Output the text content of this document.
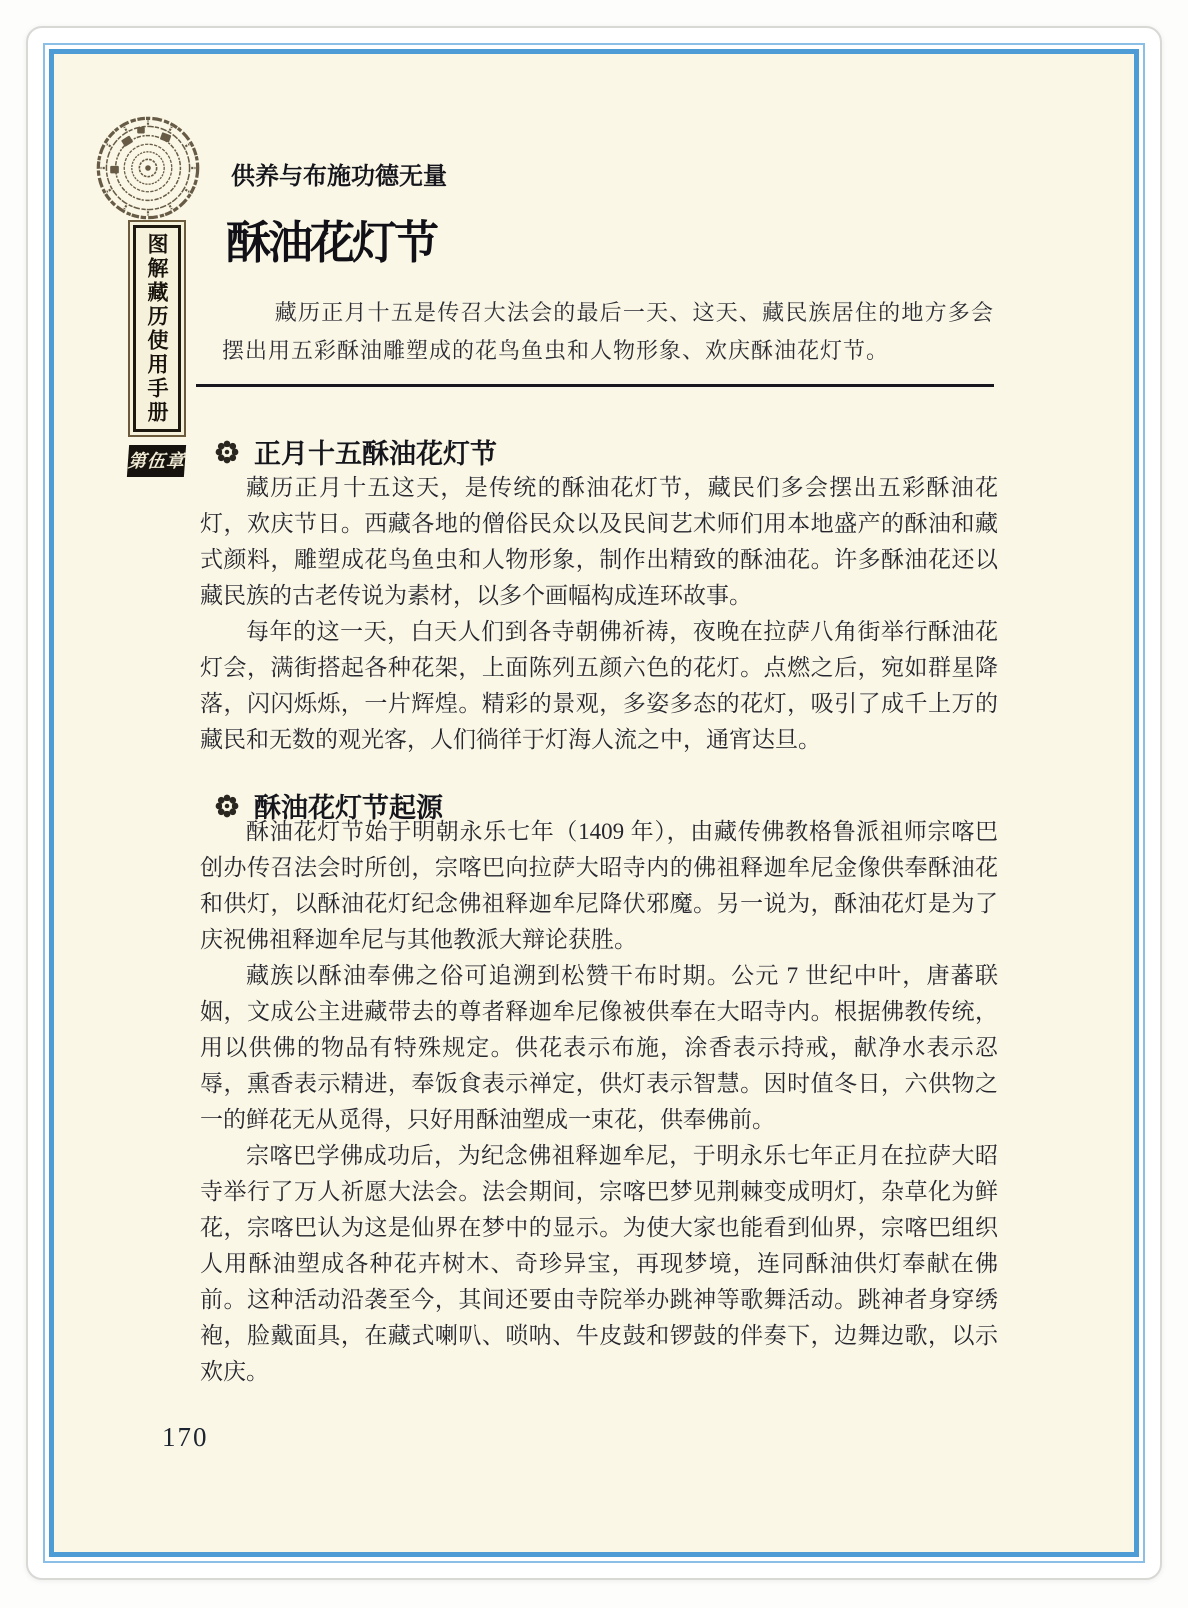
图解藏历使用手册
第伍章
供养与布施功德无量
酥油花灯节

藏历正月十五是传召大法会的最后一天、这天、藏民族居住的地方多会摆出用五彩酥油雕塑成的花鸟鱼虫和人物形象、欢庆酥油花灯节。

正月十五酥油花灯节

藏历正月十五这天，是传统的酥油花灯节，藏民们多会摆出五彩酥油花灯，欢庆节日。西藏各地的僧俗民众以及民间艺术师们用本地盛产的酥油和藏式颜料，雕塑成花鸟鱼虫和人物形象，制作出精致的酥油花。许多酥油花还以藏民族的古老传说为素材，以多个画幅构成连环故事。

每年的这一天，白天人们到各寺朝佛祈祷，夜晚在拉萨八角街举行酥油花灯会，满街搭起各种花架，上面陈列五颜六色的花灯。点燃之后，宛如群星降落，闪闪烁烁，一片辉煌。精彩的景观，多姿多态的花灯，吸引了成千上万的藏民和无数的观光客，人们徜徉于灯海人流之中，通宵达旦。

酥油花灯节起源

酥油花灯节始于明朝永乐七年（1409 年），由藏传佛教格鲁派祖师宗喀巴创办传召法会时所创，宗喀巴向拉萨大昭寺内的佛祖释迦牟尼金像供奉酥油花和供灯，以酥油花灯纪念佛祖释迦牟尼降伏邪魔。另一说为，酥油花灯是为了庆祝佛祖释迦牟尼与其他教派大辩论获胜。

藏族以酥油奉佛之俗可追溯到松赞干布时期。公元 7 世纪中叶，唐蕃联姻，文成公主进藏带去的尊者释迦牟尼像被供奉在大昭寺内。根据佛教传统，用以供佛的物品有特殊规定。供花表示布施，涂香表示持戒，献净水表示忍辱，熏香表示精进，奉饭食表示禅定，供灯表示智慧。因时值冬日，六供物之一的鲜花无从觅得，只好用酥油塑成一束花，供奉佛前。

宗喀巴学佛成功后，为纪念佛祖释迦牟尼，于明永乐七年正月在拉萨大昭寺举行了万人祈愿大法会。法会期间，宗喀巴梦见荆棘变成明灯，杂草化为鲜花，宗喀巴认为这是仙界在梦中的显示。为使大家也能看到仙界，宗喀巴组织人用酥油塑成各种花卉树木、奇珍异宝，再现梦境，连同酥油供灯奉献在佛前。这种活动沿袭至今，其间还要由寺院举办跳神等歌舞活动。跳神者身穿绣袍，脸戴面具，在藏式喇叭、唢呐、牛皮鼓和锣鼓的伴奏下，边舞边歌，以示欢庆。

170
